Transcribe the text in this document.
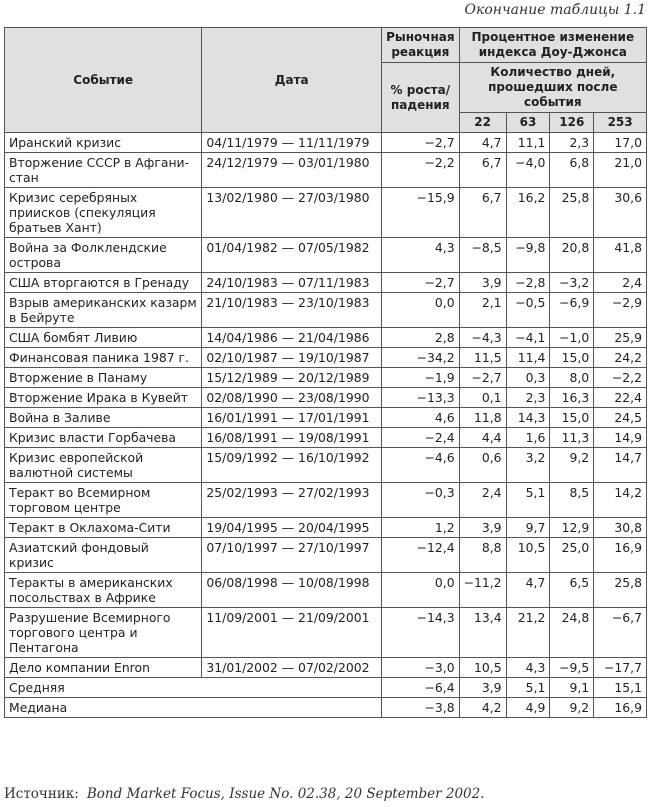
Окончание таблицы 1.1
Событие	Дата	Рыночная реакция	Процентное изменение индекса Доу-Джонса			
		% роста/ падения	Количество дней, прошедших после события			
			22	63	126	253
Иранский кризис	04/11/1979 — 11/11/1979	−2,7	4,7	11,1	2,3	17,0
Вторжение СССР в Афгани-стан	24/12/1979 — 03/01/1980	−2,2	6,7	−4,0	6,8	21,0
Кризис серебряных приисков (спекуляция братьев Хант)	13/02/1980 — 27/03/1980	−15,9	6,7	16,2	25,8	30,6
Война за Фолклендские острова	01/04/1982 — 07/05/1982	4,3	−8,5	−9,8	20,8	41,8
США вторгаются в Гренаду	24/10/1983 — 07/11/1983	−2,7	3,9	−2,8	−3,2	2,4
Взрыв американских казарм в Бейруте	21/10/1983 — 23/10/1983	0,0	2,1	−0,5	−6,9	−2,9
США бомбят Ливию	14/04/1986 — 21/04/1986	2,8	−4,3	−4,1	−1,0	25,9
Финансовая паника 1987 г.	02/10/1987 — 19/10/1987	−34,2	11,5	11,4	15,0	24,2
Вторжение в Панаму	15/12/1989 — 20/12/1989	−1,9	−2,7	0,3	8,0	−2,2
Вторжение Ирака в Кувейт	02/08/1990 — 23/08/1990	−13,3	0,1	2,3	16,3	22,4
Война в Заливе	16/01/1991 — 17/01/1991	4,6	11,8	14,3	15,0	24,5
Кризис власти Горбачева	16/08/1991 — 19/08/1991	−2,4	4,4	1,6	11,3	14,9
Кризис европейской валютной системы	15/09/1992 — 16/10/1992	−4,6	0,6	3,2	9,2	14,7
Теракт во Всемирном торговом центре	25/02/1993 — 27/02/1993	−0,3	2,4	5,1	8,5	14,2
Теракт в Оклахома-Сити	19/04/1995 — 20/04/1995	1,2	3,9	9,7	12,9	30,8
Азиатский фондовый кризис	07/10/1997 — 27/10/1997	−12,4	8,8	10,5	25,0	16,9
Теракты в американских посольствах в Африке	06/08/1998 — 10/08/1998	0,0	−11,2	4,7	6,5	25,8
Разрушение Всемирного торгового центра и Пентагона	11/09/2001 — 21/09/2001	−14,3	13,4	21,2	24,8	−6,7
Дело компании Enron	31/01/2002 — 07/02/2002	−3,0	10,5	4,3	−9,5	−17,7
Средняя		−6,4	3,9	5,1	9,1	15,1
Медиана		−3,8	4,2	4,9	9,2	16,9
Источник: Bond Market Focus, Issue No. 02.38, 20 September 2002.
